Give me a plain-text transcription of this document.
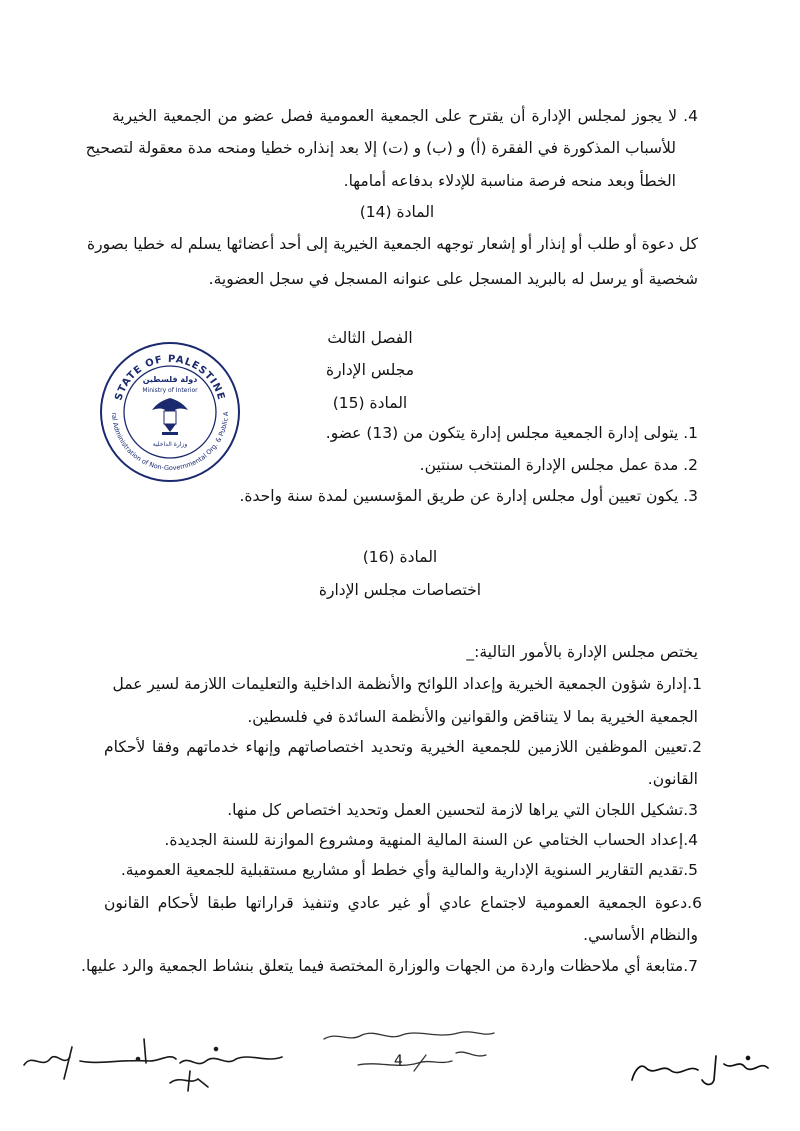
4. لا يجوز لمجلس الإدارة أن يقترح على الجمعية العمومية فصل عضو من الجمعية الخيرية
للأسباب المذكورة في الفقرة (أ) و (ب) و (ت) إلا بعد إنذاره خطيا ومنحه مدة معقولة لتصحيح
الخطأ وبعد منحه فرصة مناسبة للإدلاء بدفاعه أمامها.
المادة (14)
كل دعوة أو طلب أو إنذار أو إشعار توجهه الجمعية الخيرية إلى أحد أعضائها يسلم له خطيا بصورة
شخصية أو يرسل له بالبريد المسجل على عنوانه المسجل في سجل العضوية.
الفصل الثالث
مجلس الإدارة
المادة (15)
1. يتولى إدارة الجمعية مجلس إدارة يتكون من (13) عضو.
2. مدة عمل مجلس الإدارة المنتخب سنتين.
3. يكون تعيين أول مجلس إدارة عن طريق المؤسسين لمدة سنة واحدة.
المادة (16)
اختصاصات مجلس الإدارة
يختص مجلس الإدارة بالأمور التالية:_
1.إدارة شؤون الجمعية الخيرية وإعداد اللوائح والأنظمة الداخلية والتعليمات اللازمة لسير عمل
الجمعية الخيرية بما لا يتناقض والقوانين والأنظمة السائدة في فلسطين.
2.تعيين الموظفين اللازمين للجمعية الخيرية وتحديد اختصاصاتهم وإنهاء خدماتهم وفقا لأحكام
القانون.
3.تشكيل اللجان التي يراها لازمة لتحسين العمل وتحديد اختصاص كل منها.
4.إعداد الحساب الختامي عن السنة المالية المنهية ومشروع الموازنة للسنة الجديدة.
5.تقديم التقارير السنوية الإدارية والمالية وأي خطط أو مشاريع مستقبلية للجمعية العمومية.
6.دعوة الجمعية العمومية لاجتماع عادي أو غير عادي وتنفيذ قراراتها طبقا لأحكام القانون
والنظام الأساسي.
7.متابعة أي ملاحظات واردة من الجهات والوزارة المختصة فيما يتعلق بنشاط الجمعية والرد عليها.
STATE OF PALESTINE
ral Administration of Non-Governmental Org. & Public A
دولة فلسطين
Ministry of Interior
وزارة الداخلية
4
